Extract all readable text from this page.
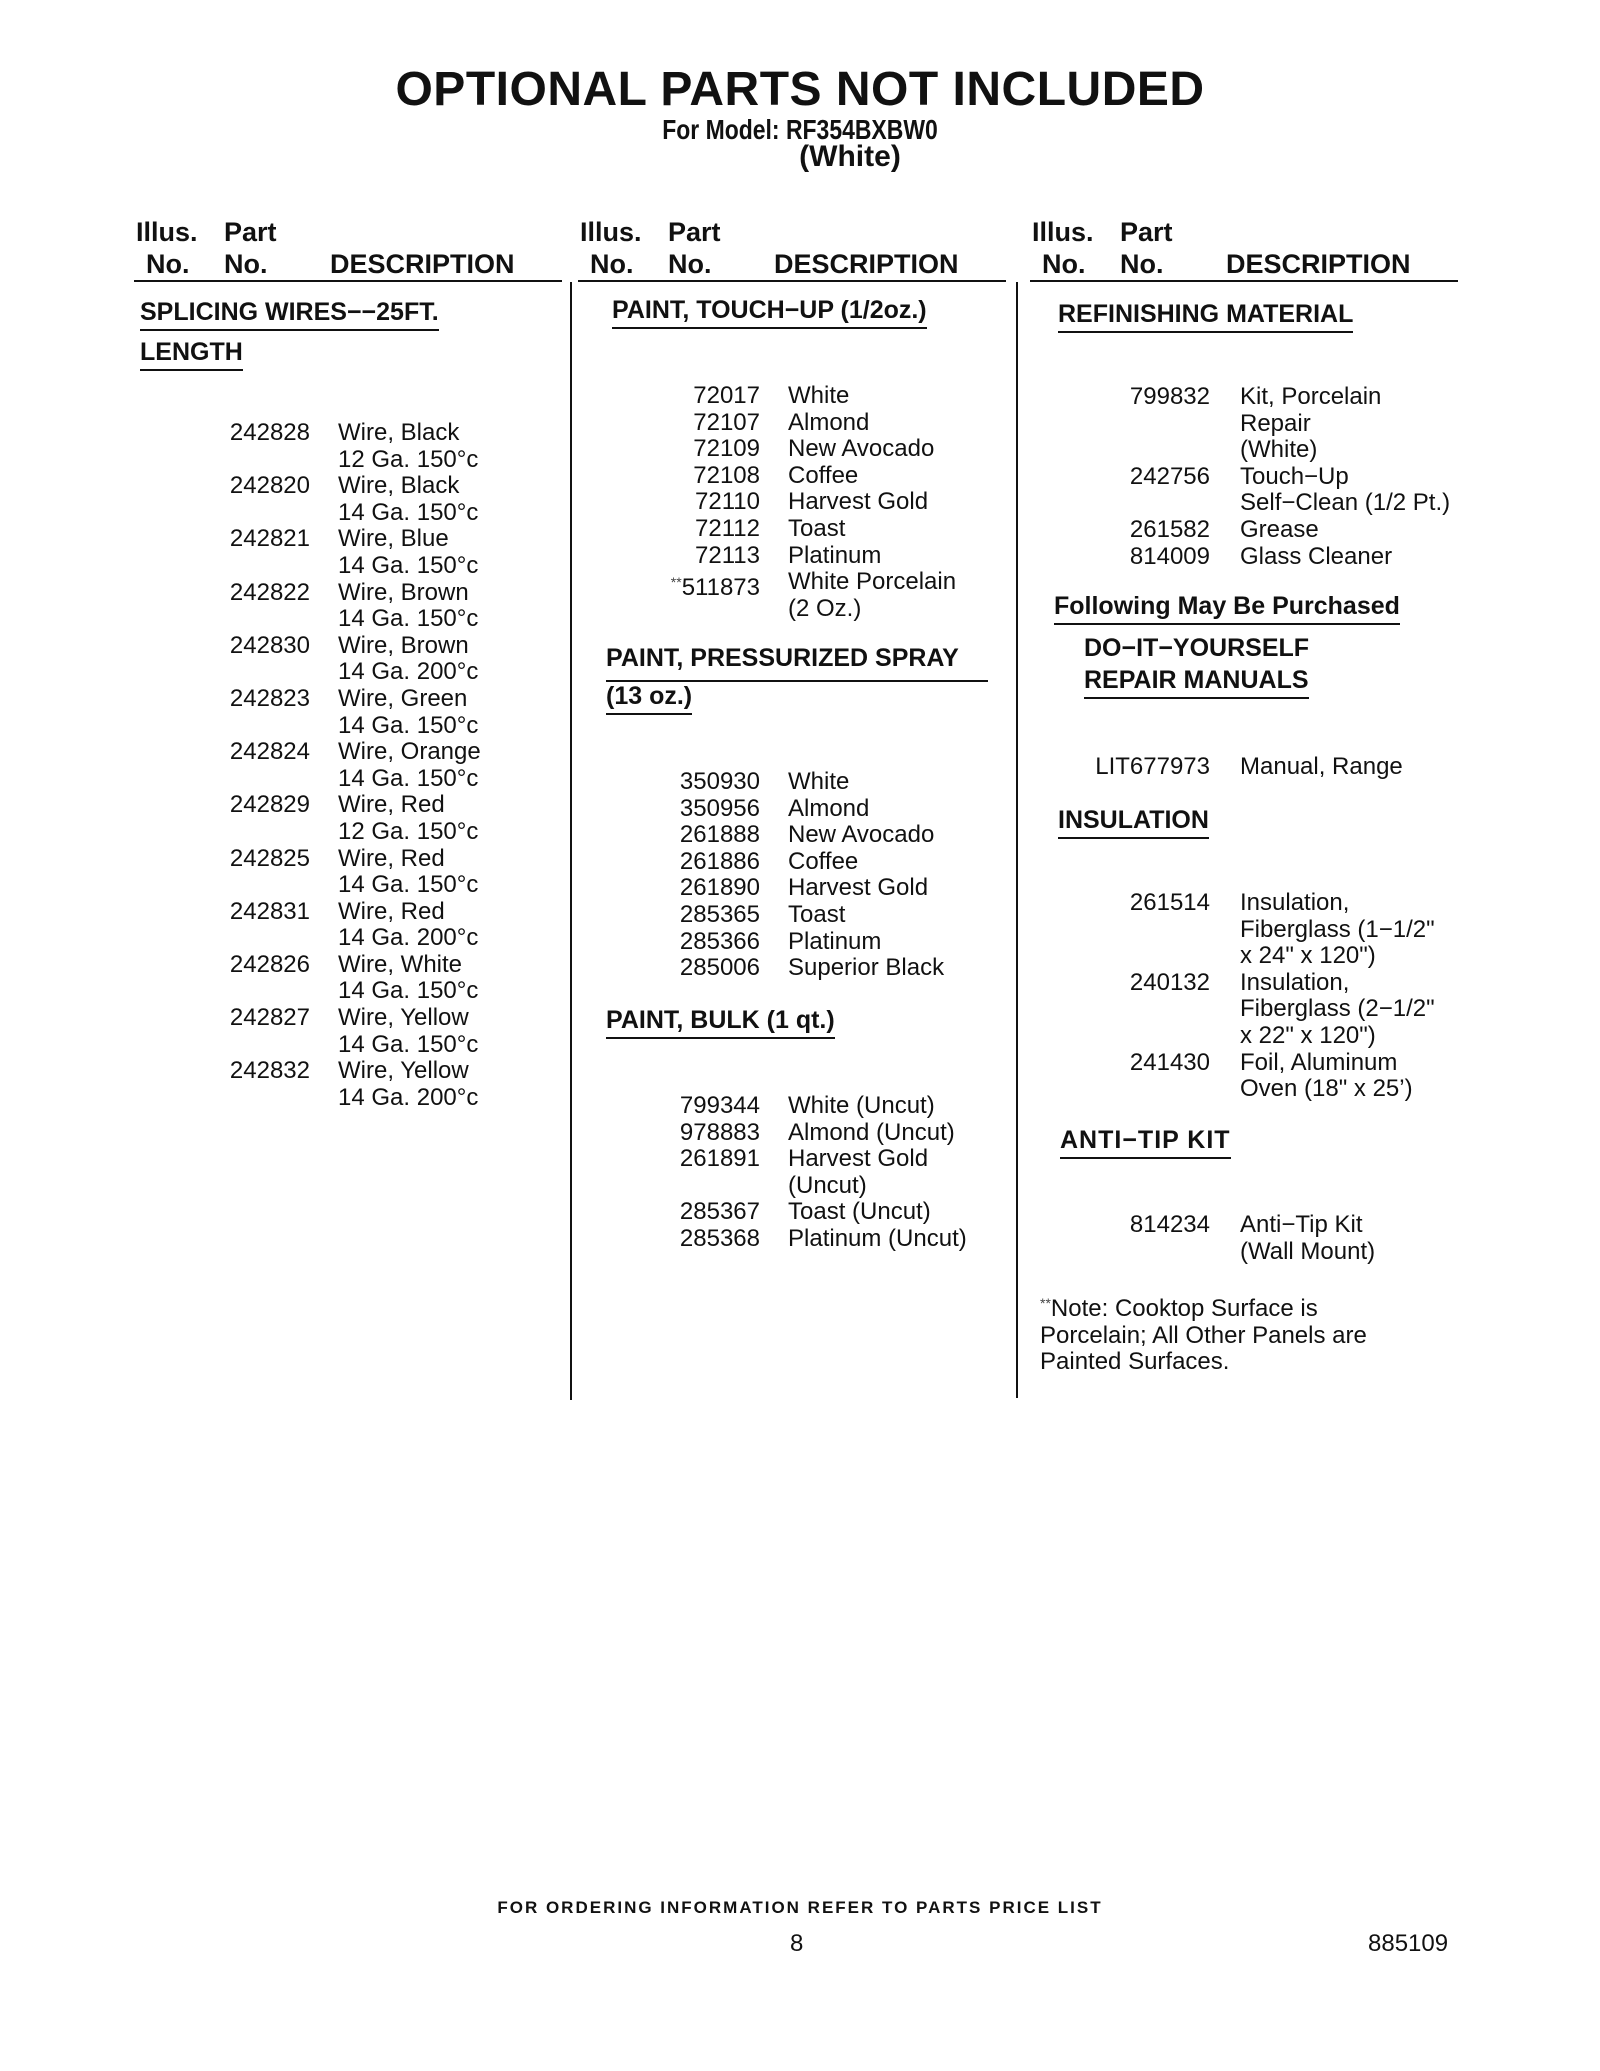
OPTIONAL PARTS NOT INCLUDED
For Model: RF354BXBW0
(White)
Illus. Part
No. No. DESCRIPTION
Illus. Part
No. No. DESCRIPTION
Illus. Part
No. No. DESCRIPTION
SPLICING WIRES−−25FT.
LENGTH
242828 Wire, Black
12 Ga. 150°c
242820 Wire, Black
14 Ga. 150°c
242821 Wire, Blue
14 Ga. 150°c
242822 Wire, Brown
14 Ga. 150°c
242830 Wire, Brown
14 Ga. 200°c
242823 Wire, Green
14 Ga. 150°c
242824 Wire, Orange
14 Ga. 150°c
242829 Wire, Red
12 Ga. 150°c
242825 Wire, Red
14 Ga. 150°c
242831 Wire, Red
14 Ga. 200°c
242826 Wire, White
14 Ga. 150°c
242827 Wire, Yellow
14 Ga. 150°c
242832 Wire, Yellow
14 Ga. 200°c
PAINT, TOUCH−UP (1/2oz.)
72017 White
72107 Almond
72109 New Avocado
72108 Coffee
72110 Harvest Gold
72112 Toast
72113 Platinum
**511873 White Porcelain
(2 Oz.)
PAINT, PRESSURIZED SPRAY
(13 oz.)
350930 White
350956 Almond
261888 New Avocado
261886 Coffee
261890 Harvest Gold
285365 Toast
285366 Platinum
285006 Superior Black
PAINT, BULK (1 qt.)
799344 White (Uncut)
978883 Almond (Uncut)
261891 Harvest Gold
(Uncut)
285367 Toast (Uncut)
285368 Platinum (Uncut)
REFINISHING MATERIAL
799832 Kit, Porcelain
Repair
(White)
242756 Touch−Up
Self−Clean (1/2 Pt.)
261582 Grease
814009 Glass Cleaner
Following May Be Purchased
DO−IT−YOURSELF
REPAIR MANUALS
LIT677973 Manual, Range
INSULATION
261514 Insulation,
Fiberglass (1−1/2"
x 24" x 120")
240132 Insulation,
Fiberglass (2−1/2"
x 22" x 120")
241430 Foil, Aluminum
Oven (18" x 25’)
ANTI−TIP KIT
814234 Anti−Tip Kit
(Wall Mount)
**Note: Cooktop Surface is
Porcelain; All Other Panels are
Painted Surfaces.
FOR ORDERING INFORMATION REFER TO PARTS PRICE LIST
8	885109
